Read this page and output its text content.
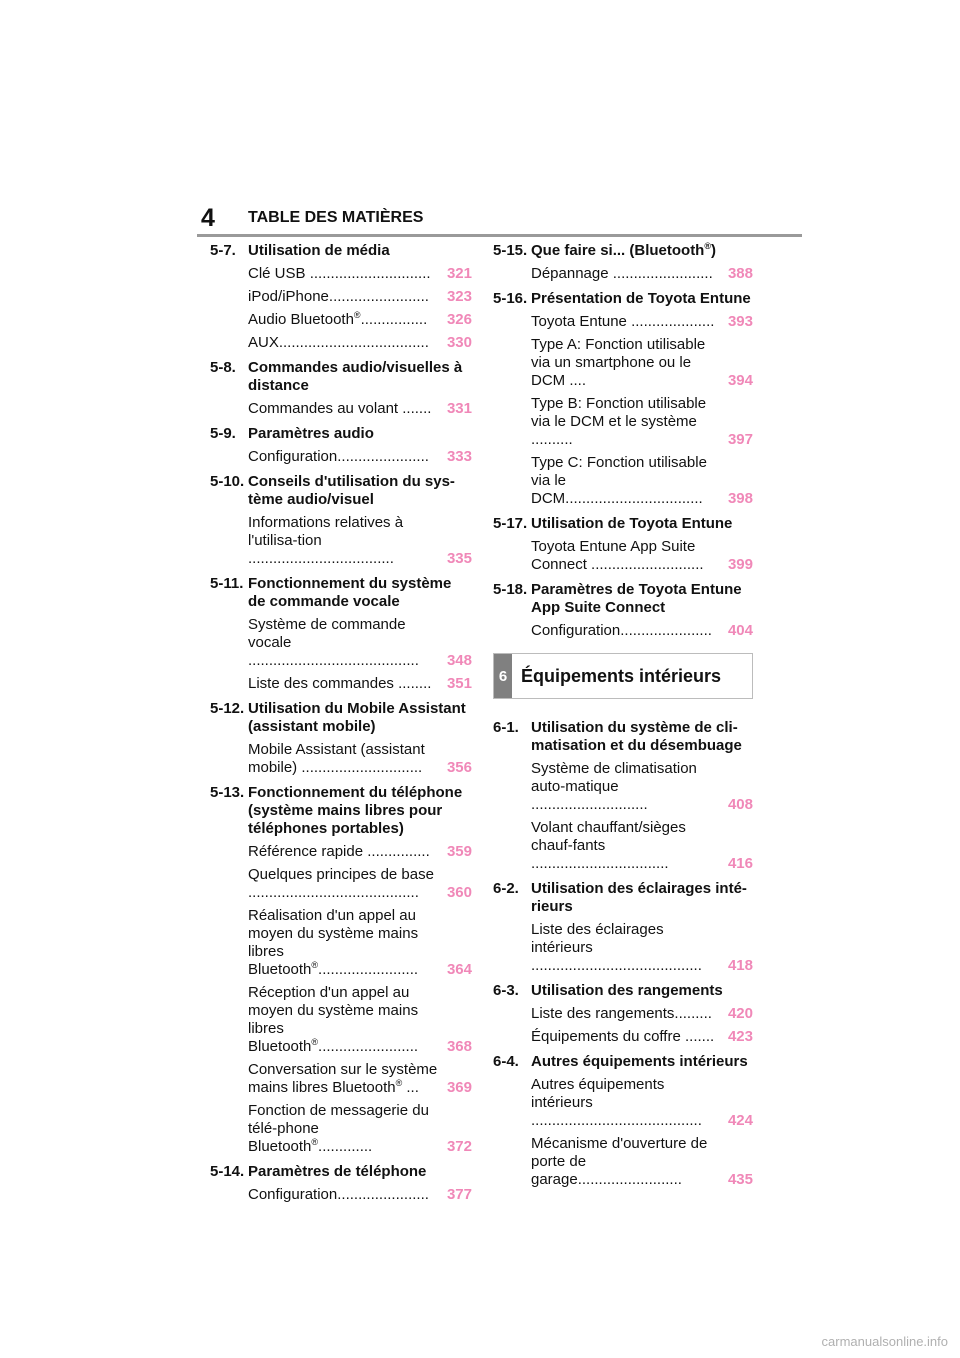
4 TABLE DES MATIÈRES
5-7. Utilisation de média
Clé USB .............................	321
iPod/iPhone........................	323
Audio Bluetooth®................	326
AUX....................................	330
5-8. Commandes audio/visuelles à distance
Commandes au volant .......	331
5-9. Paramètres audio
Configuration......................	333
5-10. Conseils d'utilisation du sys-tème audio/visuel
Informations relatives à l'utilisa-tion ...................................	335
5-11. Fonctionnement du système de commande vocale
Système de commande vocale .........................................	348
Liste des commandes ........	351
5-12. Utilisation du Mobile Assistant (assistant mobile)
Mobile Assistant (assistant mobile) .............................	356
5-13. Fonctionnement du téléphone (système mains libres pour téléphones portables)
Référence rapide ...............	359
Quelques principes de base .........................................	360
Réalisation d'un appel au moyen du système mains libres Bluetooth®........................	364
Réception d'un appel au moyen du système mains libres Bluetooth®........................	368
Conversation sur le système mains libres Bluetooth® ...	369
Fonction de messagerie du télé-phone Bluetooth®.............	372
5-14. Paramètres de téléphone
Configuration......................	377
5-15. Que faire si... (Bluetooth®)
Dépannage ........................	388
5-16. Présentation de Toyota Entune
Toyota Entune .................... 393
Type A: Fonction utilisable via un smartphone ou le DCM ....	394
Type B: Fonction utilisable via le DCM et le système ..........	397
Type C: Fonction utilisable via le DCM.................................	398
5-17. Utilisation de Toyota Entune
Toyota Entune App Suite Connect ...........................	399
5-18. Paramètres de Toyota Entune App Suite Connect
Configuration......................	404
6 Équipements intérieurs
6-1. Utilisation du système de cli-matisation et du désembuage
Système de climatisation auto-matique ............................	408
Volant chauffant/sièges chauf-fants .................................	416
6-2. Utilisation des éclairages inté-rieurs
Liste des éclairages intérieurs .........................................	418
6-3. Utilisation des rangements
Liste des rangements.........	420
Équipements du coffre ....... 423
6-4. Autres équipements intérieurs
Autres équipements intérieurs .........................................	424
Mécanisme d'ouverture de porte de garage.........................	435
carmanualsonline.info
